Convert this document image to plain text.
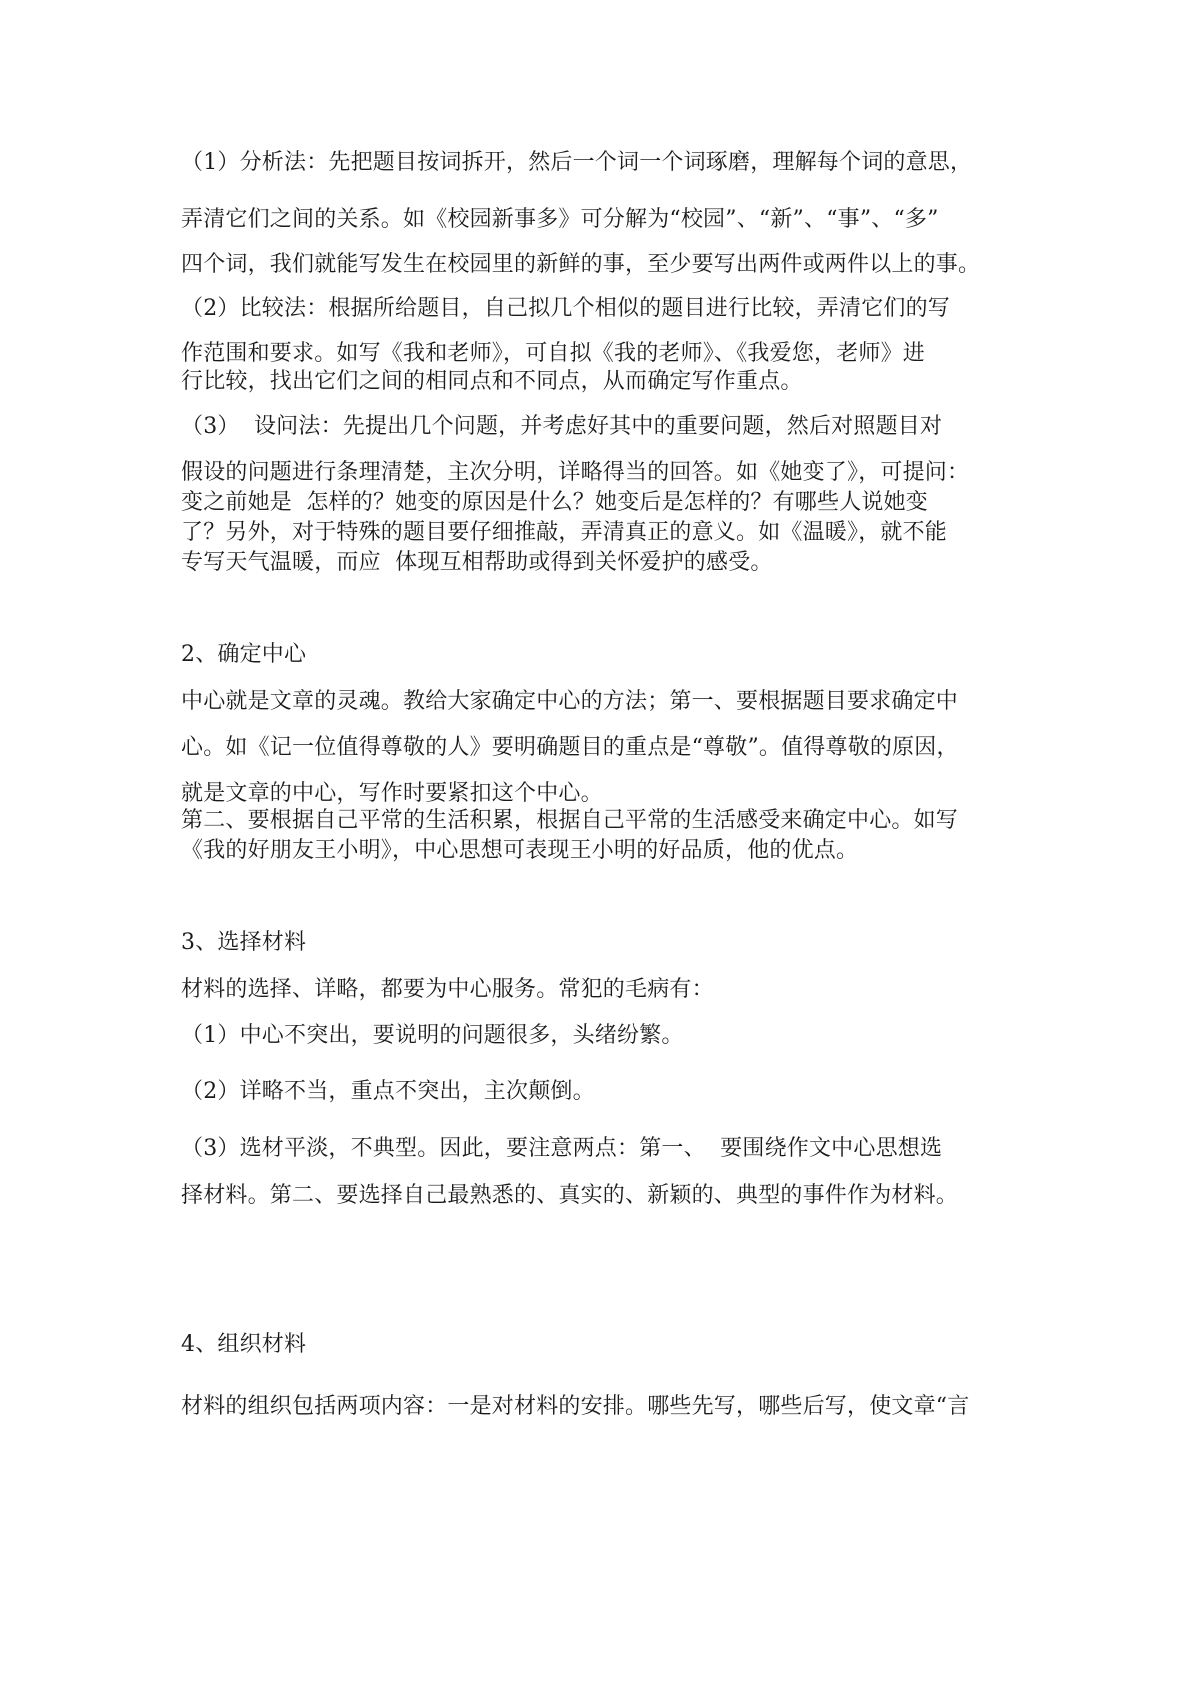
（1）分析法：先把题目按词拆开，然后一个词一个词琢磨，理解每个词的意思，
弄清它们之间的关系。如《校园新事多》可分解为“校园”、“新”、“事”、“多”
四个词，我们就能写发生在校园里的新鲜的事，至少要写出两件或两件以上的事。
（2）比较法：根据所给题目，自己拟几个相似的题目进行比较，弄清它们的写
作范围和要求。如写《我和老师》，可自拟《我的老师》、《我爱您，老师》进
行比较，找出它们之间的相同点和不同点，从而确定写作重点。
（3）  设问法：先提出几个问题，并考虑好其中的重要问题，然后对照题目对
假设的问题进行条理清楚，主次分明，详略得当的回答。如《她变了》，可提问：
变之前她是  怎样的？她变的原因是什么？她变后是怎样的？有哪些人说她变
了？另外，对于特殊的题目要仔细推敲，弄清真正的意义。如《温暖》，就不能
专写天气温暖，而应  体现互相帮助或得到关怀爱护的感受。
2、确定中心
中心就是文章的灵魂。教给大家确定中心的方法；第一、要根据题目要求确定中
心。如《记一位值得尊敬的人》要明确题目的重点是“尊敬”。值得尊敬的原因，
就是文章的中心，写作时要紧扣这个中心。
第二、要根据自己平常的生活积累，根据自己平常的生活感受来确定中心。如写
《我的好朋友王小明》，中心思想可表现王小明的好品质，他的优点。
3、选择材料
材料的选择、详略，都要为中心服务。常犯的毛病有：
（1）中心不突出，要说明的问题很多，头绪纷繁。
（2）详略不当，重点不突出，主次颠倒。
（3）选材平淡，不典型。因此，要注意两点：第一、  要围绕作文中心思想选
择材料。第二、要选择自己最熟悉的、真实的、新颖的、典型的事件作为材料。
4、组织材料
材料的组织包括两项内容：一是对材料的安排。哪些先写，哪些后写，使文章“言
